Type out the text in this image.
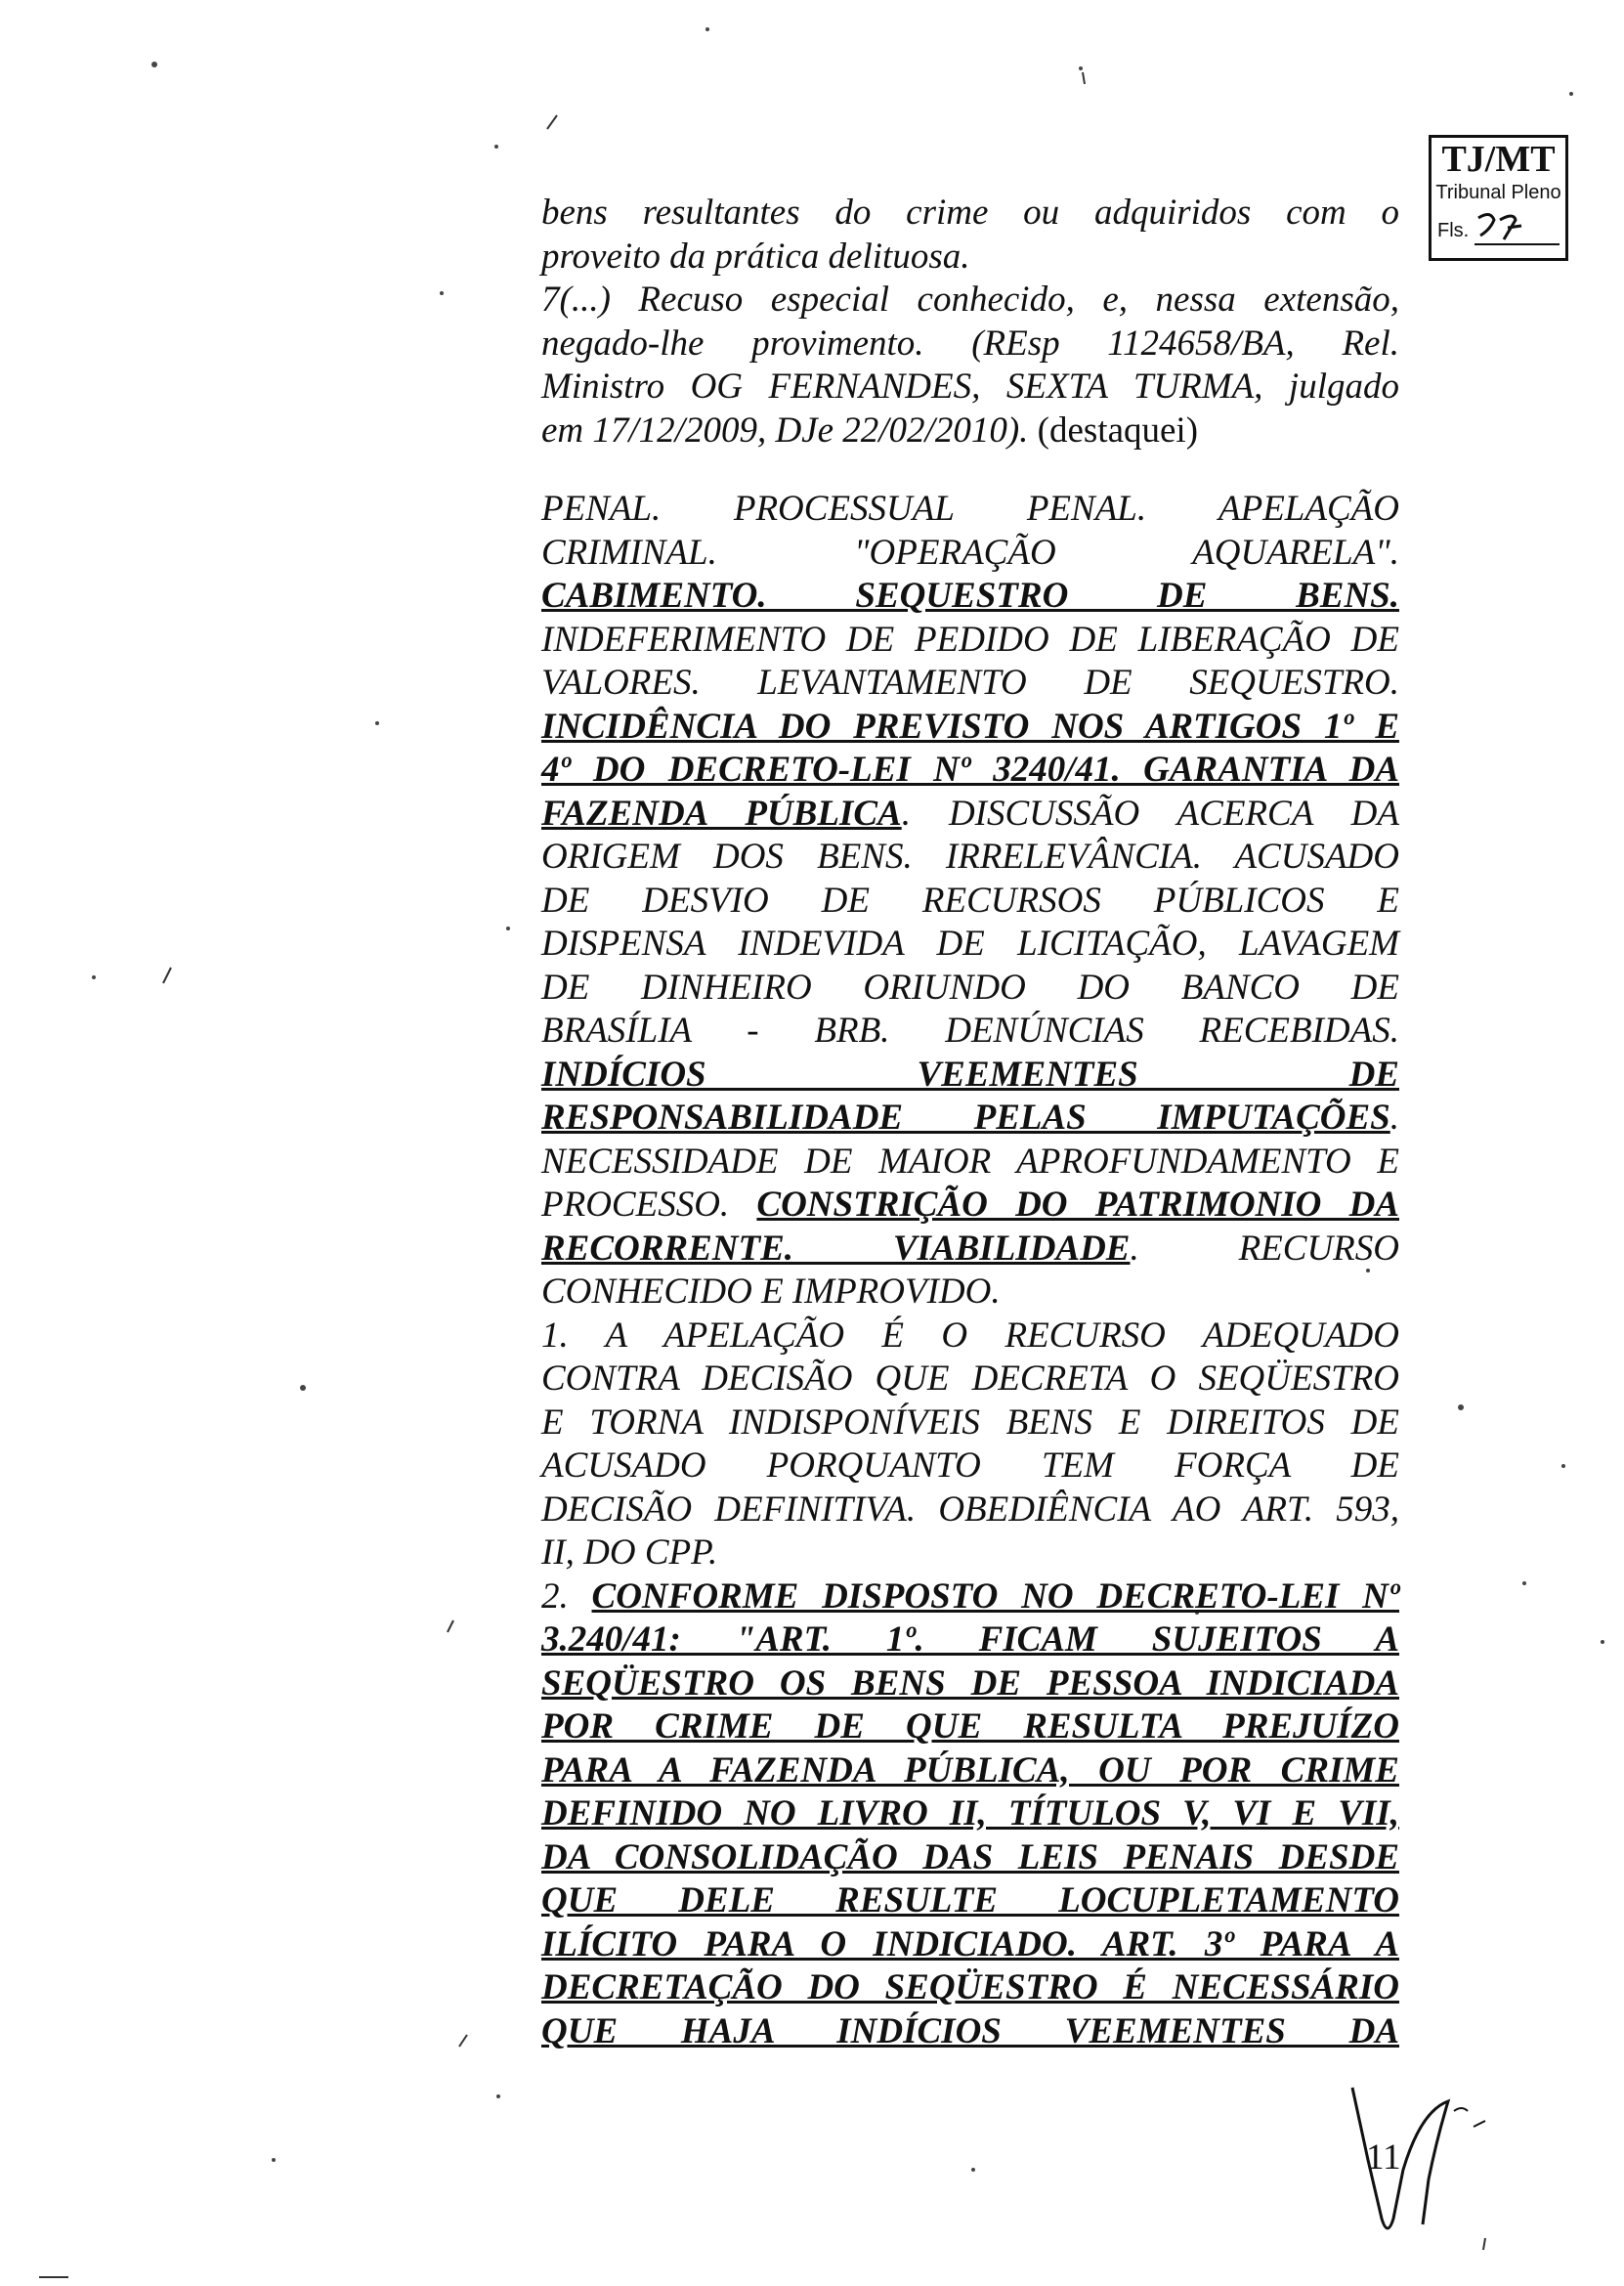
TJ/MT
Tribunal Pleno
Fls.
bens resultantes do crime ou adquiridos com o
proveito da prática delituosa.
7(...) Recuso especial conhecido, e, nessa extensão,
negado-lhe provimento. (REsp 1124658/BA, Rel.
Ministro OG FERNANDES, SEXTA TURMA, julgado
em 17/12/2009, DJe 22/02/2010). (destaquei)
PENAL. PROCESSUAL PENAL. APELAÇÃO
CRIMINAL. "OPERAÇÃO AQUARELA".
CABIMENTO. SEQUESTRO DE BENS.
INDEFERIMENTO DE PEDIDO DE LIBERAÇÃO DE
VALORES. LEVANTAMENTO DE SEQUESTRO.
INCIDÊNCIA DO PREVISTO NOS ARTIGOS 1º E
4º DO DECRETO-LEI Nº 3240/41. GARANTIA DA
FAZENDA PÚBLICA. DISCUSSÃO ACERCA DA
ORIGEM DOS BENS. IRRELEVÂNCIA. ACUSADO
DE DESVIO DE RECURSOS PÚBLICOS E
DISPENSA INDEVIDA DE LICITAÇÃO, LAVAGEM
DE DINHEIRO ORIUNDO DO BANCO DE
BRASÍLIA - BRB. DENÚNCIAS RECEBIDAS.
INDÍCIOS VEEMENTES DE
RESPONSABILIDADE PELAS IMPUTAÇÕES.
NECESSIDADE DE MAIOR APROFUNDAMENTO E
PROCESSO. CONSTRIÇÃO DO PATRIMONIO DA
RECORRENTE. VIABILIDADE. RECURSO
CONHECIDO E IMPROVIDO.
1. A APELAÇÃO É O RECURSO ADEQUADO
CONTRA DECISÃO QUE DECRETA O SEQÜESTRO
E TORNA INDISPONÍVEIS BENS E DIREITOS DE
ACUSADO PORQUANTO TEM FORÇA DE
DECISÃO DEFINITIVA. OBEDIÊNCIA AO ART. 593,
II, DO CPP.
2. CONFORME DISPOSTO NO DECRETO-LEI Nº
3.240/41: "ART. 1º. FICAM SUJEITOS A
SEQÜESTRO OS BENS DE PESSOA INDICIADA
POR CRIME DE QUE RESULTA PREJUÍZO
PARA A FAZENDA PÚBLICA, OU POR CRIME
DEFINIDO NO LIVRO II, TÍTULOS V, VI E VII,
DA CONSOLIDAÇÃO DAS LEIS PENAIS DESDE
QUE DELE RESULTE LOCUPLETAMENTO
ILÍCITO PARA O INDICIADO. ART. 3º PARA A
DECRETAÇÃO DO SEQÜESTRO É NECESSÁRIO
QUE HAJA INDÍCIOS VEEMENTES DA
11
